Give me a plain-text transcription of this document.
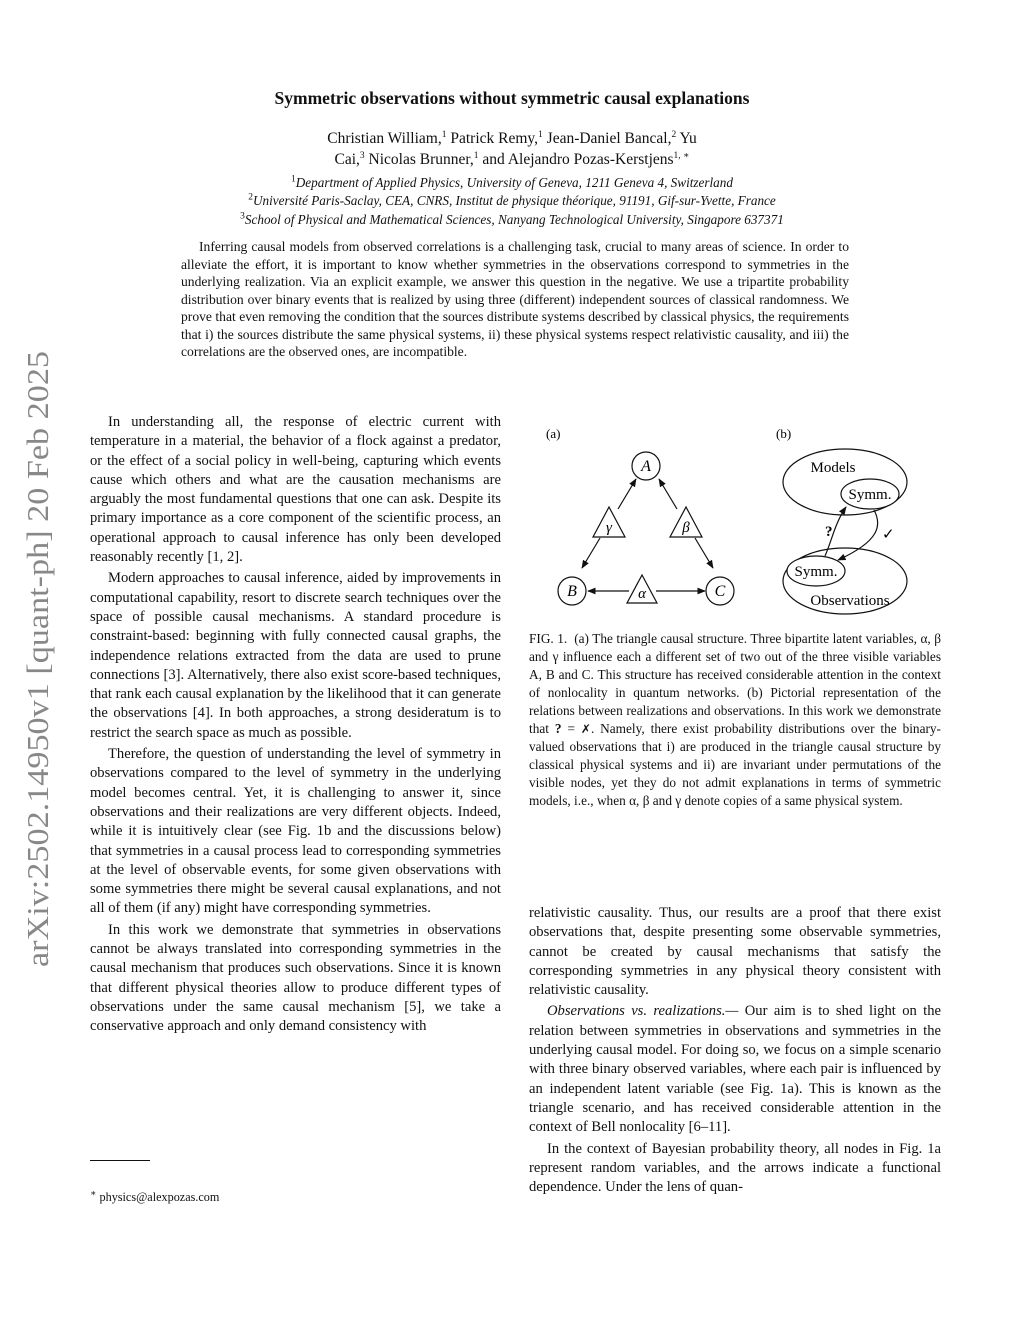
arXiv:2502.14950v1 [quant-ph] 20 Feb 2025
Symmetric observations without symmetric causal explanations
Christian William,$^1$ Patrick Remy,$^1$ Jean-Daniel Bancal,$^2$ Yu
Cai,$^3$ Nicolas Brunner,$^1$ and Alejandro Pozas-Kerstjens$^{1, ∗}$
$^1$Department of Applied Physics, University of Geneva, 1211 Geneva 4, Switzerland
$^2$Université Paris-Saclay, CEA, CNRS, Institut de physique théorique, 91191, Gif-sur-Yvette, France
$^3$School of Physical and Mathematical Sciences, Nanyang Technological University, Singapore 637371
Inferring causal models from observed correlations is a challenging task, crucial to many areas of science. In order to alleviate the effort, it is important to know whether symmetries in the observations correspond to symmetries in the underlying realization. Via an explicit example, we answer this question in the negative. We use a tripartite probability distribution over binary events that is realized by using three (different) independent sources of classical randomness. We prove that even removing the condition that the sources distribute systems described by classical physics, the requirements that i) the sources distribute the same physical systems, ii) these physical systems respect relativistic causality, and iii) the correlations are the observed ones, are incompatible.

In understanding all, the response of electric current with temperature in a material, the behavior of a flock against a predator, or the effect of a social policy in well-being, capturing which events cause which others and what are the causation mechanisms are arguably the most fundamental questions that one can ask. Despite its primary importance as a core component of the scientific process, an operational approach to causal inference has only been developed reasonably recently [1, 2].

Modern approaches to causal inference, aided by improvements in computational capability, resort to discrete search techniques over the space of possible causal mechanisms. A standard procedure is constraint-based: beginning with fully connected causal graphs, the independence relations extracted from the data are used to prune connections [3]. Alternatively, there also exist score-based techniques, that rank each causal explanation by the likelihood that it can generate the observations [4]. In both approaches, a strong desideratum is to restrict the search space as much as possible.

Therefore, the question of understanding the level of symmetry in observations compared to the level of symmetry in the underlying model becomes central. Yet, it is challenging to answer it, since observations and their realizations are very different objects. Indeed, while it is intuitively clear (see Fig. 1b and the discussions below) that symmetries in a causal process lead to corresponding symmetries at the level of observable events, for some given observations with some symmetries there might be several causal explanations, and not all of them (if any) might have corresponding symmetries.

In this work we demonstrate that symmetries in observations cannot be always translated into corresponding symmetries in the causal mechanism that produces such observations. Since it is known that different physical theories allow to produce different types of observations under the same causal mechanism [5], we take a conservative approach and only demand consistency with

∗ physics@alexpozas.com
(a)	(b)
A
B	C
γ	β
α
Models
Symm.
Symm.
Observations
?	✓
FIG. 1. (a) The triangle causal structure. Three bipartite latent variables, α, β and γ influence each a different set of two out of the three visible variables A, B and C. This structure has received considerable attention in the context of nonlocality in quantum networks. (b) Pictorial representation of the relations between realizations and observations. In this work we demonstrate that ? = ✗. Namely, there exist probability distributions over the binary-valued observations that i) are produced in the triangle causal structure by classical physical systems and ii) are invariant under permutations of the visible nodes, yet they do not admit explanations in terms of symmetric models, i.e., when α, β and γ denote copies of a same physical system.

relativistic causality. Thus, our results are a proof that there exist observations that, despite presenting some observable symmetries, cannot be created by causal mechanisms that satisfy the corresponding symmetries in any physical theory consistent with relativistic causality.

Observations vs. realizations.— Our aim is to shed light on the relation between symmetries in observations and symmetries in the underlying causal model. For doing so, we focus on a simple scenario with three binary observed variables, where each pair is influenced by an independent latent variable (see Fig. 1a). This is known as the triangle scenario, and has received considerable attention in the context of Bell nonlocality [6–11].

In the context of Bayesian probability theory, all nodes in Fig. 1a represent random variables, and the arrows indicate a functional dependence. Under the lens of quan-
